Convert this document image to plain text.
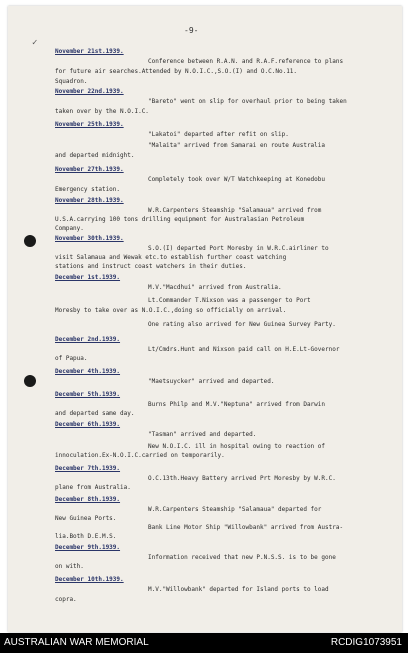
✓
-9-
November 21st.1939.
Conference between R.A.N. and R.A.F.reference to plans
for future air searches.Attended by N.O.I.C.,S.O.(I) and O.C.No.11.
Squadron.
November 22nd.1939.
"Bareto" went on slip for overhaul prior to being taken
taken over by the N.O.I.C.
November 25th.1939.
"Lakatoi" departed after refit on slip.
"Malaita" arrived from Samarai en route Australia
and departed midnight.
November 27th.1939.
Completely took over W/T Watchkeeping at Konedobu
Emergency station.
November 28th.1939.
W.R.Carpenters Steamship "Salamaua" arrived from
U.S.A.carrying 100 tons drilling equipment for Australasian Petroleum
Company.
November 30th.1939.
S.O.(I) departed Port Moresby in W.R.C.airliner to
visit Salamaua and Wewak etc.to establish further coast watching
stations and instruct coast watchers in their duties.
December 1st.1939.
M.V."Macdhui" arrived from Australia.
Lt.Commander T.Nixson was a passenger to Port
Moresby to take over as N.O.I.C.,doing so officially on arrival.
One rating also arrived for New Guinea Survey Party.
December 2nd.1939.
Lt/Cmdrs.Hunt and Nixson paid call on H.E.Lt-Governor
of Papua.
December 4th.1939.
"Maetsuycker" arrived and departed.
December 5th.1939.
Burns Philp and M.V."Neptuna" arrived from Darwin
and departed same day.
December 6th.1939.
"Tasman" arrived and departed.
New N.O.I.C. ill in hospital owing to reaction of
innoculation.Ex-N.O.I.C.carried on temporarily.
December 7th.1939.
O.C.13th.Heavy Battery arrived Prt Moresby by W.R.C.
plane from Australia.
December 8th.1939.
W.R.Carpenters Steamship "Salamaua" departed for
New Guinea Ports.
Bank Line Motor Ship "Willowbank" arrived from Austra-
lia.Both D.E.M.S.
December 9th.1939.
Information received that new P.N.S.S. is to be gone
on with.
December 10th.1939.
M.V."Willowbank" departed for Island ports to load
copra.
AUSTRALIAN WAR MEMORIAL	RCDIG1073951
